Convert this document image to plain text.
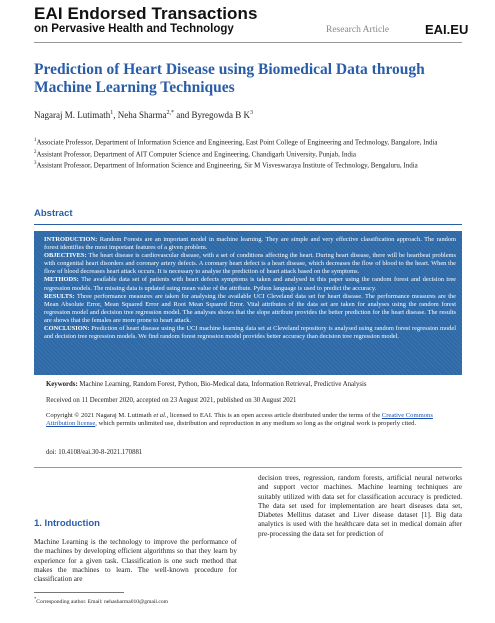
EAI Endorsed Transactions
on Pervasive Health and Technology	Research Article	EAI.EU
Prediction of Heart Disease using Biomedical Data through Machine Learning Techniques
Nagaraj M. Lutimath$^1$, Neha Sharma$^{2,*}$ and Byregowda B $K^3$
$^1$Associate Professor, Department of Information Science and Engineering, East Point College of Engineering and Technology, Bangalore, India
$^2$Assistant Professor, Department of AIT Computer Science and Engineering, Chandigarh University, Punjab, India
$^3$Assistant Professor, Department of Information Science and Engineering, Sir M Visveswaraya Institute of Technology, Bengaluru, India
Abstract
INTRODUCTION: Random Forests are an important model in machine learning. They are simple and very effective classification approach. The random forest identifies the most important features of a given problem.
OBJECTIVES: The heart disease is cardiovascular disease, with a set of conditions affecting the heart. During heart disease, there will be heartbeat problems with congenital heart disorders and coronary artery defects. A coronary heart defect is a heart disease, which decreases the flow of blood to the heart. When the flow of blood decreases heart attack occurs. It is necessary to analyse the prediction of heart attack based on the symptoms.
METHODS: The available data set of patients with heart defects symptoms is taken and analysed in this paper using the random forest and decision tree regression models. The missing data is updated using mean value of the attribute. Python language is used to predict the accuracy.
RESULTS: Three performance measures are taken for analysing the available UCI Cleveland data set for heart disease. The performance measures are the Mean Absolute Error, Mean Squared Error and Root Mean Squared Error. Vital attributes of the data set are taken for analyses using the random forest regression model and decision tree regression model. The analyses shows that the slope attribute provides the better prediction for the heart disease. The results are shows that the females are more prone to heart attack.
CONCLUSION: Prediction of heart disease using the UCI machine learning data set at Cleveland repository is analysed using random forest regression model and decision tree regression models. We find random forest regression model provides better accuracy than decision tree regression model.
Keywords: Machine Learning, Random Forest, Python, Bio-Medical data, Information Retrieval, Predictive Analysis
Received on 11 December 2020, accepted on 23 August 2021, published on 30 August 2021
Copyright © 2021 Nagaraj M. Lutimath et al., licensed to EAI. This is an open access article distributed under the terms of the Creative Commons Attribution license, which permits unlimited use, distribution and reproduction in any medium so long as the original work is properly cited.
doi: 10.4108/eai.30-8-2021.170881
1. Introduction

Machine Learning is the technology to improve the performance of the machines by developing efficient algorithms so that they learn by experience for a given task. Classification is one such method that makes the machines to learn. The well-known procedure for classification are

decision trees, regression, random forests, artificial neural networks and support vector machines. Machine learning techniques are suitably utilized with data set for classification accuracy is predicted. The data set used for implementation are heart diseases data set, Diabetes Mellitus dataset and Liver disease dataset [1]. Big data analytics is used with the healthcare data set in medical domain after pre-processing the data set for prediction of

*Corresponding author. Email: nehasharma010@gmail.com
